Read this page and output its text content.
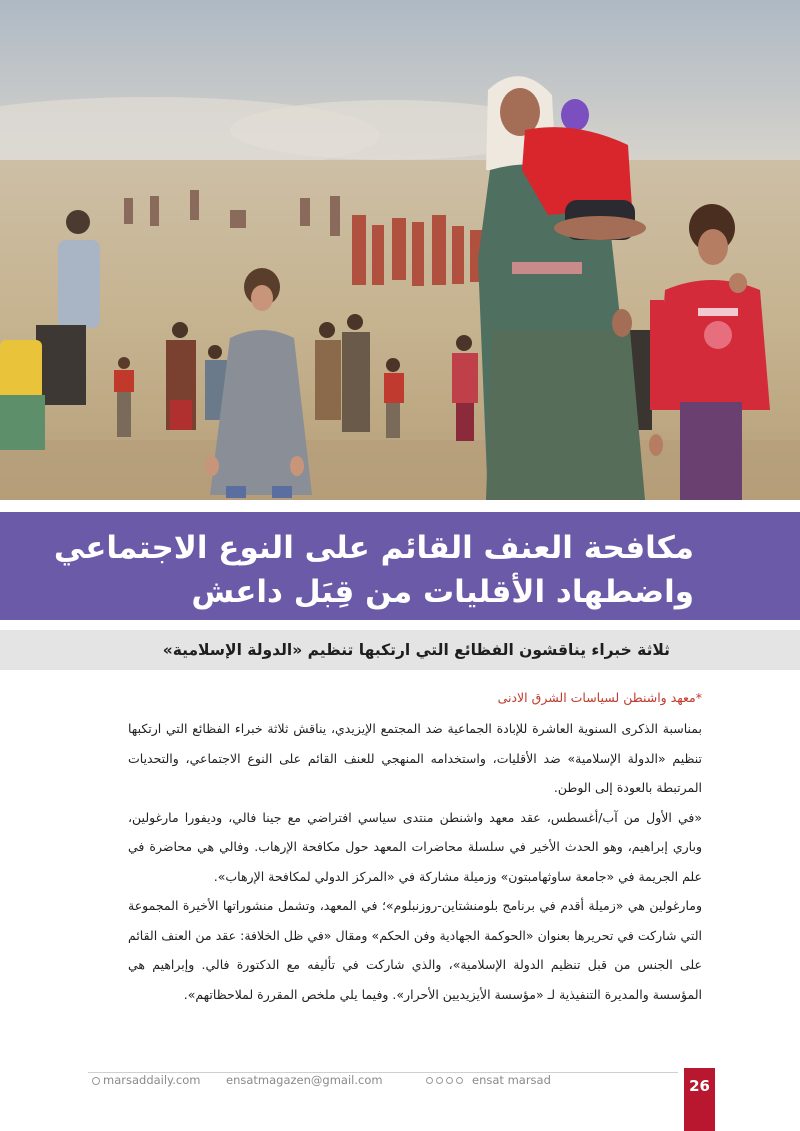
مكافحة العنف القائم على النوع الاجتماعي
واضطهاد الأقليات من قِبَل داعش
ثلاثة خبراء يناقشون الفظائع التي ارتكبها تنظيم «الدولة الإسلامية»

*معهد واشنطن لسياسات الشرق الادنى

بمناسبة الذكرى السنوية العاشرة للإبادة الجماعية ضد المجتمع الإيزيدي، يناقش ثلاثة خبراء الفظائع التي ارتكبها تنظيم «الدولة الإسلامية» ضد الأقليات، واستخدامه المنهجي للعنف القائم على النوع الاجتماعي، والتحديات المرتبطة بالعودة إلى الوطن.

«في الأول من آب/أغسطس، عقد معهد واشنطن منتدى سياسي افتراضي مع جينا فالي، وديفورا مارغولين، وباري إبراهيم، وهو الحدث الأخير في سلسلة محاضرات المعهد حول مكافحة الإرهاب. وفالي هي محاضرة في علم الجريمة في «جامعة ساوثهامبتون» وزميلة مشاركة في «المركز الدولي لمكافحة الإرهاب».

ومارغولين هي «زميلة أقدم في برنامج بلومنشتاين-روزنبلوم»؛ في المعهد، وتشمل منشوراتها الأخيرة المجموعة التي شاركت في تحريرها بعنوان «الحوكمة الجهادية وفن الحكم» ومقال «في ظل الخلافة: عقد من العنف القائم على الجنس من قبل تنظيم الدولة الإسلامية»، والذي شاركت في تأليفه مع الدكتورة فالي. وإبراهيم هي المؤسسة والمديرة التنفيذية لـ «مؤسسة الأيزيديين الأحرار». وفيما يلي ملخص المقررة لملاحظاتهم».

marsaddaily.com ensatmagazen@gmail.com	ensat marsad	26
